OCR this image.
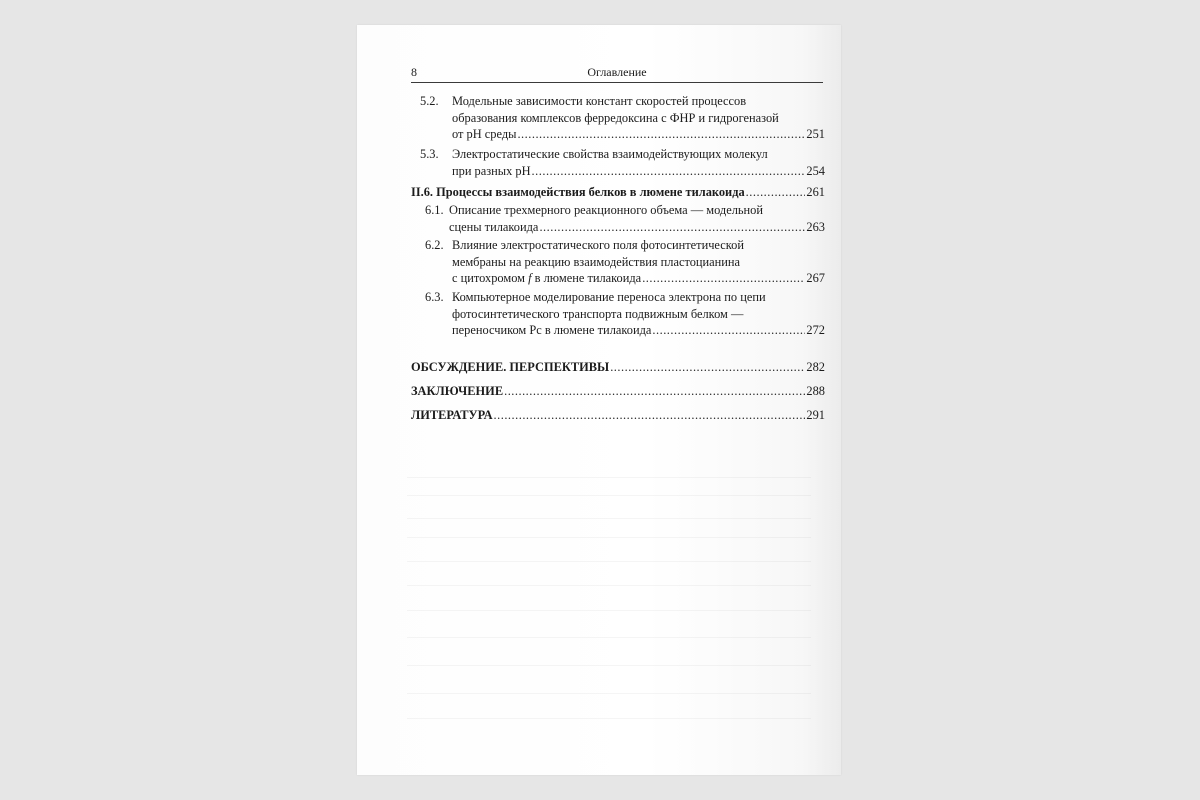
8	Оглавление
5.2.	Модельные зависимости констант скоростей процессов
образования комплексов ферредоксина с ФНР и гидрогеназой
от pH среды .....	251
5.3.	Электростатические свойства взаимодействующих молекул
при разных pH .....	254
II.6. Процессы взаимодействия белков в люмене тилакоида .....	261
6.1. Описание трехмерного реакционного объема — модельной
сцены тилакоида .....	263
6.2. Влияние электростатического поля фотосинтетической
мембраны на реакцию взаимодействия пластоцианина
с цитохромом f в люмене тилакоида .....	267
6.3. Компьютерное моделирование переноса электрона по цепи
фотосинтетического транспорта подвижным белком —
переносчиком Pc в люмене тилакоида .....	272
ОБСУЖДЕНИЕ. ПЕРСПЕКТИВЫ .....	282
ЗАКЛЮЧЕНИЕ .....	288
ЛИТЕРАТУРА .....	291
